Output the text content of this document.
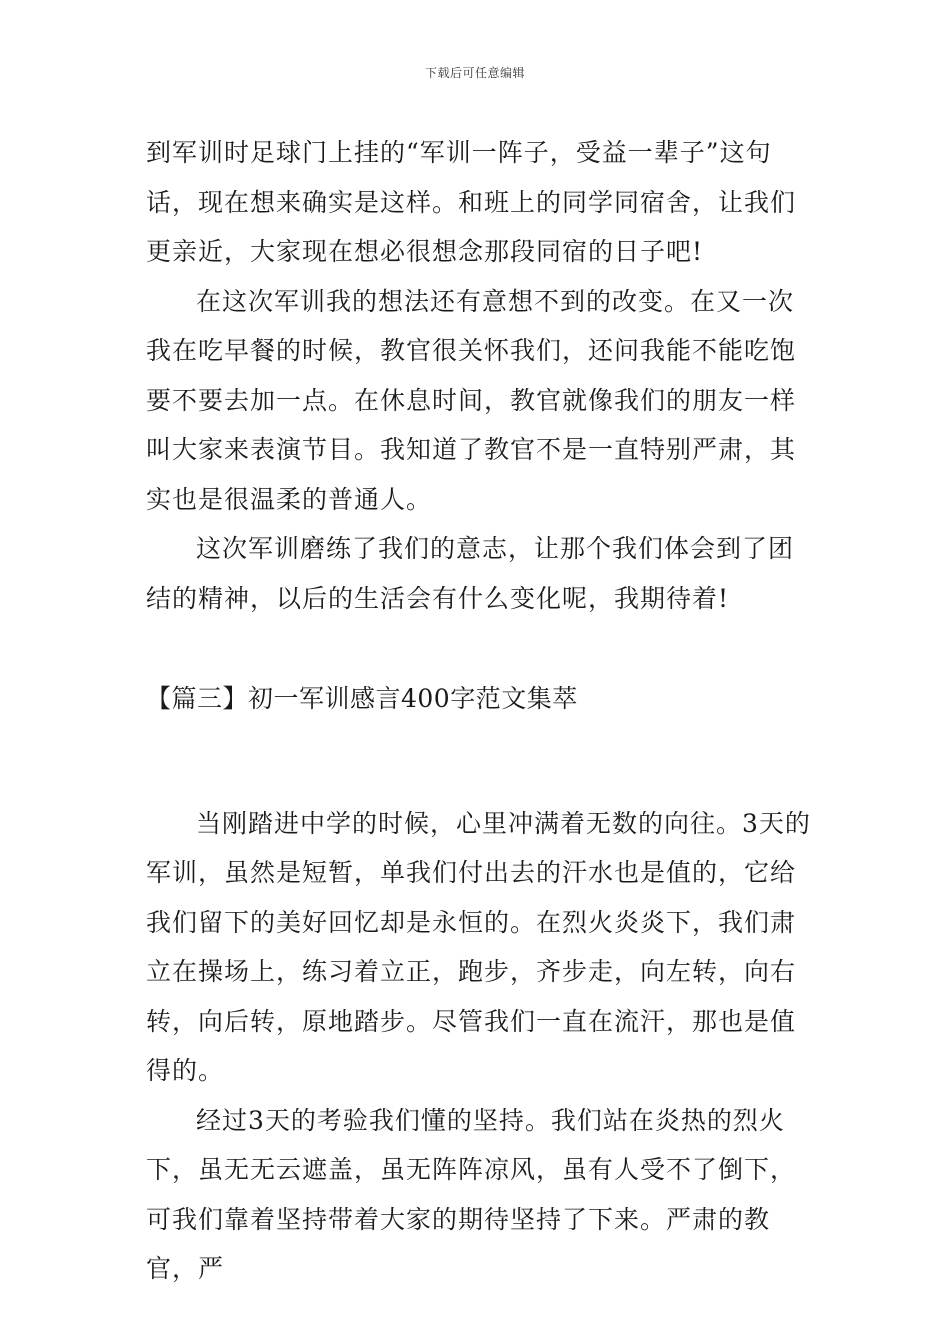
下载后可任意编辑

到军训时足球门上挂的“军训一阵子，受益一辈子”这句话，现在想来确实是这样。和班上的同学同宿舍，让我们更亲近，大家现在想必很想念那段同宿的日子吧!

在这次军训我的想法还有意想不到的改变。在又一次我在吃早餐的时候，教官很关怀我们，还问我能不能吃饱要不要去加一点。在休息时间，教官就像我们的朋友一样叫大家来表演节目。我知道了教官不是一直特别严肃，其实也是很温柔的普通人。

这次军训磨练了我们的意志，让那个我们体会到了团结的精神，以后的生活会有什么变化呢，我期待着!

【篇三】初一军训感言400字范文集萃

当刚踏进中学的时候，心里冲满着无数的向往。3天的军训，虽然是短暂，单我们付出去的汗水也是值的，它给我们留下的美好回忆却是永恒的。在烈火炎炎下，我们肃立在操场上，练习着立正，跑步，齐步走，向左转，向右转，向后转，原地踏步。尽管我们一直在流汗，那也是值得的。

经过3天的考验我们懂的坚持。我们站在炎热的烈火下，虽无无云遮盖，虽无阵阵凉风，虽有人受不了倒下，可我们靠着坚持带着大家的期待坚持了下来。严肃的教官，严
